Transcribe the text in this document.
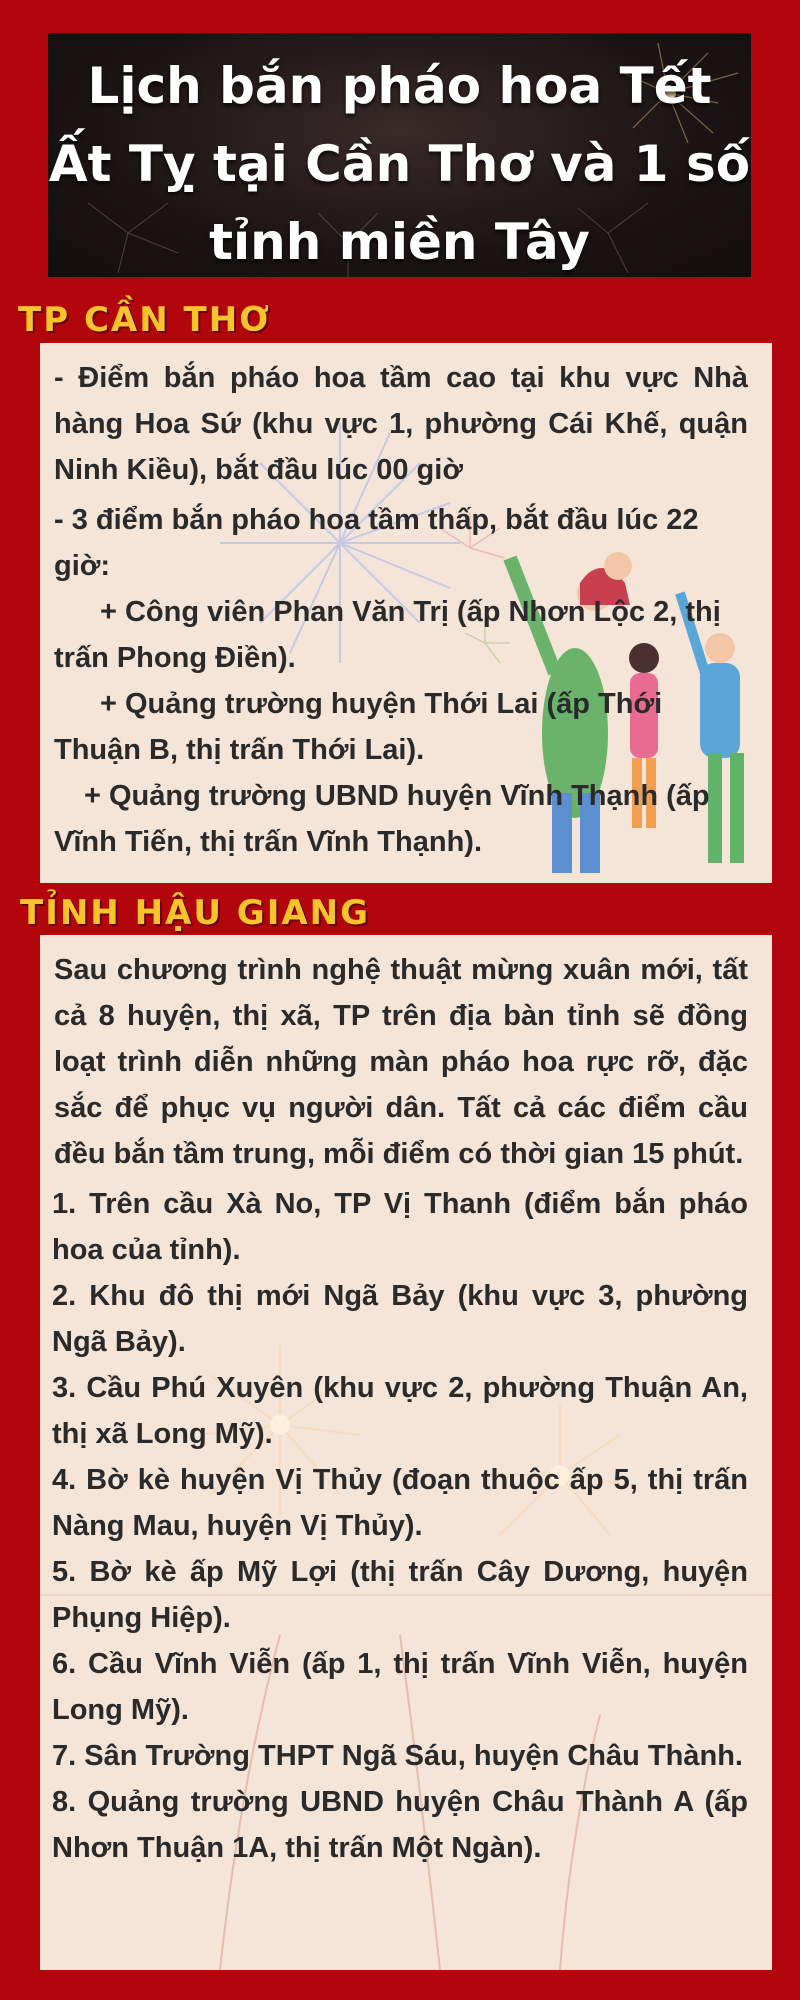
Lịch bắn pháo hoa Tết Ất Tỵ tại Cần Thơ và 1 số tỉnh miền Tây
TP CẦN THƠ

- Điểm bắn pháo hoa tầm cao tại khu vực Nhà hàng Hoa Sứ (khu vực 1, phường Cái Khế, quận Ninh Kiều), bắt đầu lúc 00 giờ

- 3 điểm bắn pháo hoa tầm thấp, bắt đầu lúc 22 giờ:

+ Công viên Phan Văn Trị (ấp Nhơn Lộc 2, thị trấn Phong Điền).

+ Quảng trường huyện Thới Lai (ấp Thới Thuận B, thị trấn Thới Lai).

+ Quảng trường UBND huyện Vĩnh Thạnh (ấp Vĩnh Tiến, thị trấn Vĩnh Thạnh).

TỈNH HẬU GIANG

Sau chương trình nghệ thuật mừng xuân mới, tất cả 8 huyện, thị xã, TP trên địa bàn tỉnh sẽ đồng loạt trình diễn những màn pháo hoa rực rỡ, đặc sắc để phục vụ người dân. Tất cả các điểm cầu đều bắn tầm trung, mỗi điểm có thời gian 15 phút.

1. Trên cầu Xà No, TP Vị Thanh (điểm bắn pháo hoa của tỉnh).
2. Khu đô thị mới Ngã Bảy (khu vực 3, phường Ngã Bảy).
3. Cầu Phú Xuyên (khu vực 2, phường Thuận An, thị xã Long Mỹ).
4. Bờ kè huyện Vị Thủy (đoạn thuộc ấp 5, thị trấn Nàng Mau, huyện Vị Thủy).
5. Bờ kè ấp Mỹ Lợi (thị trấn Cây Dương, huyện Phụng Hiệp).
6. Cầu Vĩnh Viễn (ấp 1, thị trấn Vĩnh Viễn, huyện Long Mỹ).
7. Sân Trường THPT Ngã Sáu, huyện Châu Thành.
8. Quảng trường UBND huyện Châu Thành A (ấp Nhơn Thuận 1A, thị trấn Một Ngàn).
